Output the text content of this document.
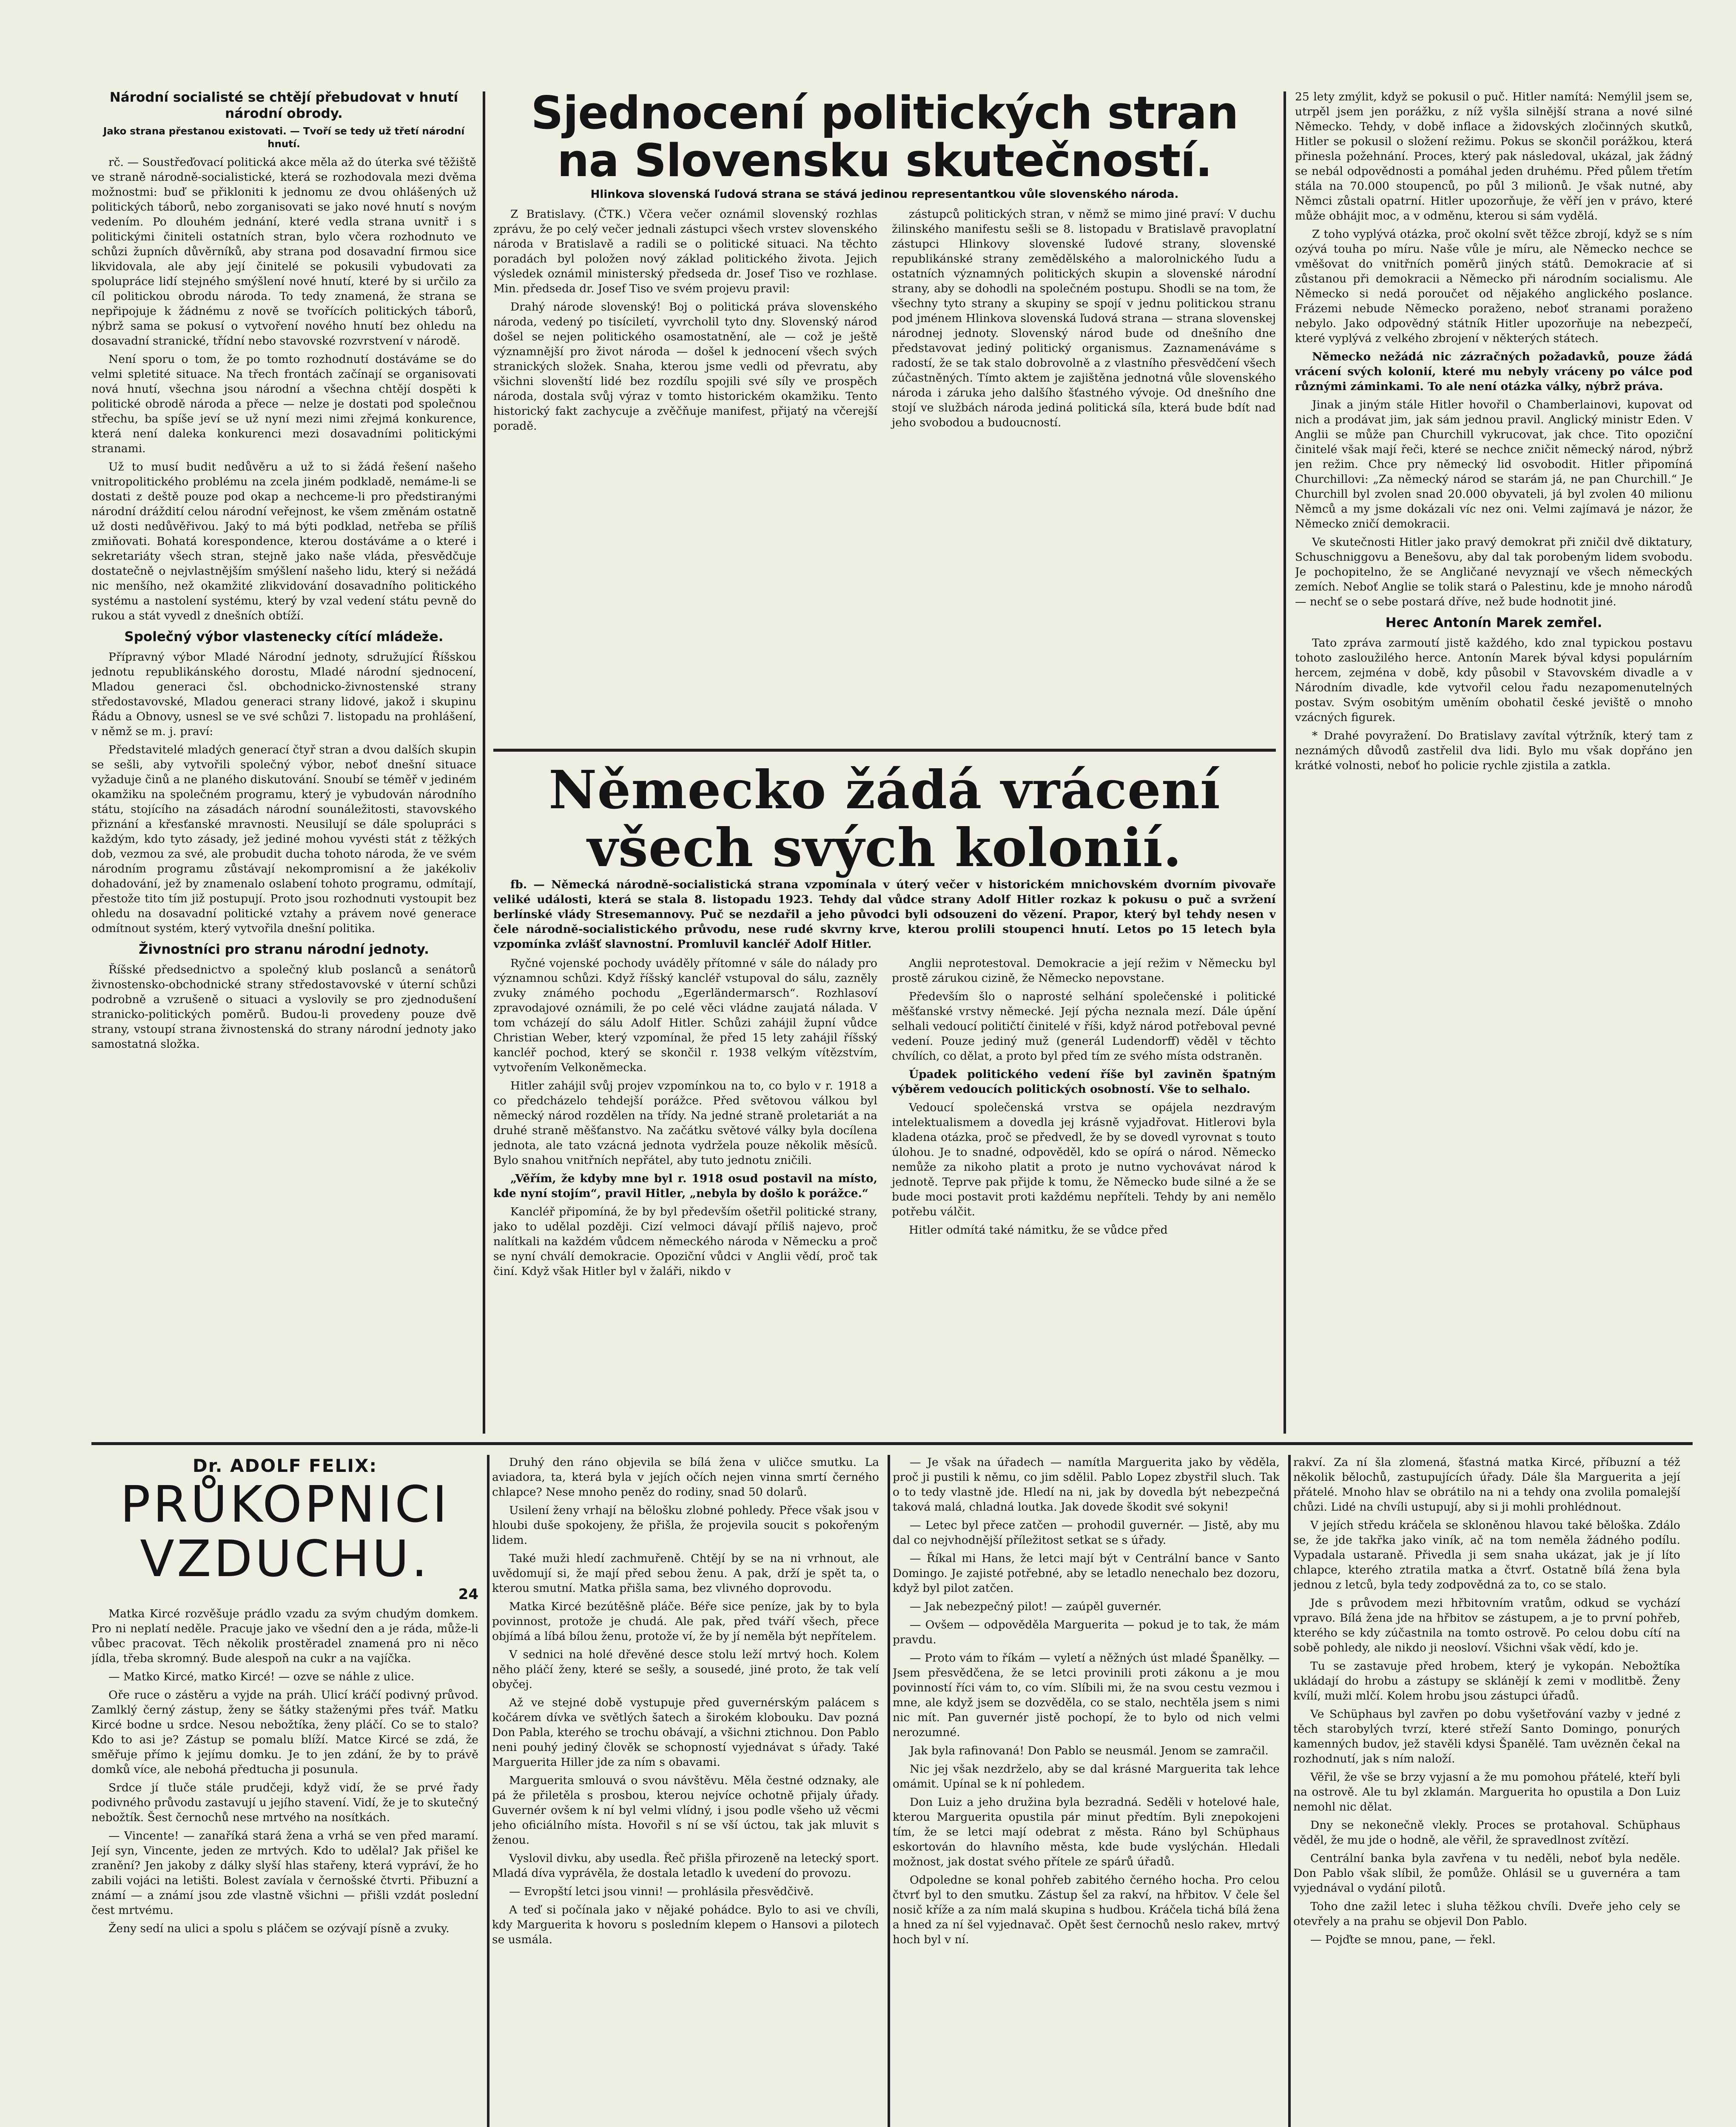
Národní socialisté se chtějí přebudovat v hnutí národní obrody.
Jako strana přestanou existovati. — Tvoří se tedy už třetí národní hnutí.

rč. — Soustřeďovací politická akce měla až do úterka své těžiště ve straně národně-socialistické, která se rozhodovala mezi dvěma možnostmi: buď se přikloniti k jednomu ze dvou ohlášených už politických táborů, nebo zorganisovati se jako nové hnutí s novým vedením. Po dlouhém jednání, které vedla strana uvnitř i s politickými činiteli ostatních stran, bylo včera rozhodnuto ve schůzi župních důvěrníků, aby strana pod dosavadní firmou sice likvidovala, ale aby její činitelé se pokusili vybudovati za spolupráce lidí stejného smýšlení nové hnutí, které by si určilo za cíl politickou obrodu národa. To tedy znamená, že strana se nepřipojuje k žádnému z nově se tvořících politických táborů, nýbrž sama se pokusí o vytvoření nového hnutí bez ohledu na dosavadní stranické, třídní nebo stavovské rozvrstvení v národě.

Není sporu o tom, že po tomto rozhodnutí dostáváme se do velmi spletité situace. Na třech frontách začínají se organisovati nová hnutí, všechna jsou národní a všechna chtějí dospěti k politické obrodě národa a přece — nelze je dostati pod společnou střechu, ba spíše jeví se už nyní mezi nimi zřejmá konkurence, která není daleka konkurenci mezi dosavadními politickými stranami.

Už to musí budit nedůvěru a už to si žádá řešení našeho vnitropolitického problému na zcela jiném podkladě, nemáme-li se dostati z deště pouze pod okap a nechceme-li pro předstiranými národní dráždití celou národní veřejnost, ke všem změnám ostatně už dosti nedůvěřivou. Jaký to má býti podklad, netřeba se příliš zmiňovati. Bohatá korespondence, kterou dostáváme a o které i sekretariáty všech stran, stejně jako naše vláda, přesvědčuje dostatečně o nejvlastnějším smýšlení našeho lidu, který si nežádá nic menšího, než okamžité zlikvidování dosavadního politického systému a nastolení systému, který by vzal vedení státu pevně do rukou a stát vyvedl z dnešních obtíží.

Společný výbor vlastenecky cítící mládeže.

Přípravný výbor Mladé Národní jednoty, sdružující Říšskou jednotu republikánského dorostu, Mladé národní sjednocení, Mladou generaci čsl. obchodnicko-živnostenské strany středostavovské, Mladou generaci strany lidové, jakož i skupinu Řádu a Obnovy, usnesl se ve své schůzi 7. listopadu na prohlášení, v němž se m. j. praví:

Představitelé mladých generací čtyř stran a dvou dalších skupin se sešli, aby vytvořili společný výbor, neboť dnešní situace vyžaduje činů a ne planého diskutování. Snoubí se téměř v jediném okamžiku na společném programu, který je vybudován národního státu, stojícího na zásadách národní sounáležitosti, stavovského přiznání a křesťanské mravnosti. Neusilují se dále spolupráci s každým, kdo tyto zásady, jež jediné mohou vyvésti stát z těžkých dob, vezmou za své, ale probudit ducha tohoto národa, že ve svém národním programu zůstávají nekompromisní a že jakékoliv dohadování, jež by znamenalo oslabení tohoto programu, odmítají, přestože tito tím již postupují. Proto jsou rozhodnuti vystoupit bez ohledu na dosavadní politické vztahy a právem nové generace odmítnout systém, který vytvořila dnešní politika.

Živnostníci pro stranu národní jednoty.

Říšské předsednictvo a společný klub poslanců a senátorů živnostensko-obchodnické strany středostavovské v úterní schůzi podrobně a vzrušeně o situaci a vyslovily se pro zjednodušení stranicko-politických poměrů. Budou-li provedeny pouze dvě strany, vstoupí strana živnostenská do strany národní jednoty jako samostatná složka.

Sjednocení politických stran na Slovensku skutečností.
Hlinkova slovenská ľudová strana se stává jedinou representantkou vůle slovenského národa.

Z Bratislavy. (ČTK.) Včera večer oznámil slovenský rozhlas zprávu, že po celý večer jednali zástupci všech vrstev slovenského národa v Bratislavě a radili se o politické situaci. Na těchto poradách byl položen nový základ politického života. Jejich výsledek oznámil ministerský předseda dr. Josef Tiso ve rozhlase. Min. předseda dr. Josef Tiso ve svém projevu pravil:

Drahý národe slovenský! Boj o politická práva slovenského národa, vedený po tisíciletí, vyvrcholil tyto dny. Slovenský národ došel se nejen politického osamostatnění, ale — což je ještě významnější pro život národa — došel k jednocení všech svých stranických složek. Snaha, kterou jsme vedli od převratu, aby všichni slovenští lidé bez rozdílu spojili své síly ve prospěch národa, dostala svůj výraz v tomto historickém okamžiku. Tento historický fakt zachycuje a zvěčňuje manifest, přijatý na včerejší poradě.

zástupců politických stran, v němž se mimo jiné praví: V duchu žilinského manifestu sešli se 8. listopadu v Bratislavě pravoplatní zástupci Hlinkovy slovenské ľudové strany, slovenské republikánské strany zemědělského a malorolnického ľudu a ostatních významných politických skupin a slovenské národní strany, aby se dohodli na společném postupu. Shodli se na tom, že všechny tyto strany a skupiny se spojí v jednu politickou stranu pod jménem Hlinkova slovenská ľudová strana — strana slovenskej národnej jednoty. Slovenský národ bude od dnešního dne představovat jediný politický organismus. Zaznamenáváme s radostí, že se tak stalo dobrovolně a z vlastního přesvědčení všech zúčastněných. Tímto aktem je zajištěna jednotná vůle slovenského národa i záruka jeho dalšího šťastného vývoje. Od dnešního dne stojí ve službách národa jediná politická síla, která bude bdít nad jeho svobodou a budoucností.

Německo žádá vrácení všech svých kolonií.

fb. — Německá národně-socialistická strana vzpomínala v úterý večer v historickém mnichovském dvorním pivovaře veliké události, která se stala 8. listopadu 1923. Tehdy dal vůdce strany Adolf Hitler rozkaz k pokusu o puč a svržení berlínské vlády Stresemannovy. Puč se nezdařil a jeho původci byli odsouzeni do vězení. Prapor, který byl tehdy nesen v čele národně-socialistického průvodu, nese rudé skvrny krve, kterou prolili stoupenci hnutí. Letos po 15 letech byla vzpomínka zvlášť slavnostní. Promluvil kancléř Adolf Hitler.

Ryčné vojenské pochody uváděly přítomné v sále do nálady pro významnou schůzi. Když říšský kancléř vstupoval do sálu, zazněly zvuky známého pochodu „Egerländermarsch“. Rozhlasoví zpravodajové oznámili, že po celé věci vládne zaujatá nálada. V tom vcházejí do sálu Adolf Hitler. Schůzi zahájil župní vůdce Christian Weber, který vzpomínal, že před 15 lety zahájil říšský kancléř pochod, který se skončil r. 1938 velkým vítězstvím, vytvořením Velkoněmecka.

Hitler zahájil svůj projev vzpomínkou na to, co bylo v r. 1918 a co předcházelo tehdejší porážce. Před světovou válkou byl německý národ rozdělen na třídy. Na jedné straně proletariát a na druhé straně měšťanstvo. Na začátku světové války byla docílena jednota, ale tato vzácná jednota vydržela pouze několik měsíců. Bylo snahou vnitřních nepřátel, aby tuto jednotu zničili.

„Věřím, že kdyby mne byl r. 1918 osud postavil na místo, kde nyní stojím“, pravil Hitler, „nebyla by došlo k porážce.“

Kancléř připomíná, že by byl především ošetřil politické strany, jako to udělal později. Cizí velmoci dávají příliš najevo, proč nalítkali na každém vůdcem německého národa v Německu a proč se nyní chválí demokracie. Opoziční vůdci v Anglii vědí, proč tak činí. Když však Hitler byl v žaláři, nikdo v

Anglii neprotestoval. Demokracie a její režim v Německu byl prostě zárukou cizině, že Německo nepovstane.

Především šlo o naprosté selhání společenské i politické měšťanské vrstvy německé. Její pýcha neznala mezí. Dále úpění selhali vedoucí političtí činitelé v říši, když národ potřeboval pevné vedení. Pouze jediný muž (generál Ludendorff) věděl v těchto chvílích, co dělat, a proto byl před tím ze svého místa odstraněn.

Úpadek politického vedení říše byl zaviněn špatným výběrem vedoucích politických osobností. Vše to selhalo.

Vedoucí společenská vrstva se opájela nezdravým intelektualismem a dovedla jej krásně vyjadřovat. Hitlerovi byla kladena otázka, proč se předvedl, že by se dovedl vyrovnat s touto úlohou. Je to snadné, odpověděl, kdo se opírá o národ. Německo nemůže za nikoho platit a proto je nutno vychovávat národ k jednotě. Teprve pak přijde k tomu, že Německo bude silné a že se bude moci postavit proti každému nepříteli. Tehdy by ani nemělo potřebu válčit.

Hitler odmítá také námitku, že se vůdce před

25 lety zmýlit, když se pokusil o puč. Hitler namítá: Nemýlil jsem se, utrpěl jsem jen porážku, z níž vyšla silnější strana a nové silné Německo. Tehdy, v době inflace a židovských zločinných skutků, Hitler se pokusil o složení režimu. Pokus se skončil porážkou, která přinesla požehnání. Proces, který pak následoval, ukázal, jak žádný se nebál odpovědnosti a pomáhal jeden druhému. Před půlem třetím stála na 70.000 stoupenců, po půl 3 milionů. Je však nutné, aby Němci zůstali opatrní. Hitler upozorňuje, že věří jen v právo, které může obhájit moc, a v odměnu, kterou si sám vydělá.

Z toho vyplývá otázka, proč okolní svět těžce zbrojí, když se s ním ozývá touha po míru. Naše vůle je míru, ale Německo nechce se vměšovat do vnitřních poměrů jiných států. Demokracie ať si zůstanou při demokracii a Německo při národním socialismu. Ale Německo si nedá poroučet od nějakého anglického poslance. Frázemi nebude Německo poraženo, neboť stranami poraženo nebylo. Jako odpovědný státník Hitler upozorňuje na nebezpečí, které vyplývá z velkého zbrojení v některých státech.

Německo nežádá nic zázračných požadavků, pouze žádá vrácení svých kolonií, které mu nebyly vráceny po válce pod různými záminkami. To ale není otázka války, nýbrž práva.

Jinak a jiným stále Hitler hovořil o Chamberlainovi, kupovat od nich a prodávat jim, jak sám jednou pravil. Anglický ministr Eden. V Anglii se může pan Churchill vykrucovat, jak chce. Tito opoziční činitelé však mají řeči, které se nechce zničit německý národ, nýbrž jen režim. Chce pry německý lid osvobodit. Hitler připomíná Churchillovi: „Za německý národ se starám já, ne pan Churchill.“ Je Churchill byl zvolen snad 20.000 obyvateli, já byl zvolen 40 milionu Němců a my jsme dokázali víc nez oni. Velmi zajímavá je názor, že Německo zničí demokracii.

Ve skutečnosti Hitler jako pravý demokrat při zničil dvě diktatury, Schuschniggovu a Benešovu, aby dal tak porobeným lidem svobodu. Je pochopitelno, že se Angličané nevyznají ve všech německých zemích. Neboť Anglie se tolik stará o Palestinu, kde je mnoho národů — nechť se o sebe postará dříve, než bude hodnotit jiné.

Herec Antonín Marek zemřel.

Tato zpráva zarmoutí jistě každého, kdo znal typickou postavu tohoto zasloužilého herce. Antonín Marek býval kdysi populárním hercem, zejména v době, kdy působil v Stavovském divadle a v Národním divadle, kde vytvořil celou řadu nezapomenutelných postav. Svým osobitým uměním obohatil české jeviště o mnoho vzácných figurek.

* Drahé povyražení. Do Bratislavy zavítal výtržník, který tam z neznámých důvodů zastřelil dva lidi. Bylo mu však dopřáno jen krátké volnosti, neboť ho policie rychle zjistila a zatkla.

Dr. ADOLF FELIX:
PRŮKOPNICI
VZDUCHU.
24

Matka Kircé rozvěšuje prádlo vzadu za svým chudým domkem. Pro ni neplatí neděle. Pracuje jako ve všední den a je ráda, může-li vůbec pracovat. Těch několik prostěradel znamená pro ni něco jídla, třeba skromný. Bude alespoň na cukr a na vajíčka.

— Matko Kircé, matko Kircé! — ozve se náhle z ulice.

Oře ruce o zástěru a vyjde na práh. Ulicí kráčí podivný průvod. Zamlklý černý zástup, ženy se šátky staženými přes tvář. Matku Kircé bodne u srdce. Nesou nebožtíka, ženy pláčí. Co se to stalo? Kdo to asi je? Zástup se pomalu blíží. Matce Kircé se zdá, že směřuje přímo k jejímu domku. Je to jen zdání, že by to právě domků více, ale nebohá předtucha ji posunula.

Srdce jí tluče stále prudčeji, když vidí, že se prvé řady podivného průvodu zastavují u jejího stavení. Vidí, že je to skutečný nebožtík. Šest černochů nese mrtvého na nosítkách.

— Vincente! — zanaříká stará žena a vrhá se ven před maramí. Její syn, Vincente, jeden ze mrtvých. Kdo to udělal? Jak přišel ke zranění? Jen jakoby z dálky slyší hlas stařeny, která vypráví, že ho zabili vojáci na letišti. Bolest zavíala v černošské čtvrti. Přibuzní a známí — a známí jsou zde vlastně všichni — přišli vzdát poslední čest mrtvému.

Ženy sedí na ulici a spolu s pláčem se ozývají písně a zvuky.

Druhý den ráno objevila se bílá žena v uličce smutku. La aviadora, ta, která byla v jejích očích nejen vinna smrtí černého chlapce? Nese mnoho peněz do rodiny, snad 50 dolarů.

Usilení ženy vrhají na bělošku zlobné pohledy. Přece však jsou v hloubi duše spokojeny, že přišla, že projevila soucit s pokořeným lidem.

Také muži hledí zachmuřeně. Chtějí by se na ni vrhnout, ale uvědomují si, že mají před sebou ženu. A pak, drží je spět ta, o kterou smutní. Matka přišla sama, bez vlivného doprovodu.

Matka Kircé bezútěšně pláče. Béře sice peníze, jak by to byla povinnost, protože je chudá. Ale pak, před tváří všech, přece objímá a líbá bílou ženu, protože ví, že by jí neměla být nepřítelem.

V sednici na holé dřevěné desce stolu leží mrtvý hoch. Kolem něho pláčí ženy, které se sešly, a sousedé, jiné proto, že tak velí obyčej.

Až ve stejné době vystupuje před guvernérským palácem s kočárem dívka ve světlých šatech a širokém klobouku. Dav pozná Don Pabla, kterého se trochu obávají, a všichni ztichnou. Don Pablo neni pouhý jediný člověk se schopností vyjednávat s úřady. Také Marguerita Hiller jde za ním s obavami.

Marguerita smlouvá o svou návštěvu. Měla čestné odznaky, ale pá že přiletěla s prosbou, kterou nejvíce ochotně přijaly úřady. Guvernér ovšem k ní byl velmi vlídný, i jsou podle všeho už věcmi jeho oficiálního místa. Hovořil s ní se vší úctou, tak jak mluvit s ženou.

Vyslovil divku, aby usedla. Řeč přišla přirozeně na letecký sport. Mladá díva vyprávěla, že dostala letadlo k uvedení do provozu.

— Evropští letci jsou vinni! — prohlásila přesvědčivě.

A teď si počínala jako v nějaké pohádce. Bylo to asi ve chvíli, kdy Marguerita k hovoru s posledním klepem o Hansovi a pilotech se usmála.

— Je však na úřadech — namítla Marguerita jako by věděla, proč ji pustili k němu, co jim sdělil. Pablo Lopez zbystřil sluch. Tak o to tedy vlastně jde. Hledí na ni, jak by dovedla být nebezpečná taková malá, chladná loutka. Jak dovede škodit své sokyni!

— Letec byl přece zatčen — prohodil guvernér. — Jistě, aby mu dal co nejvhodnější příležitost setkat se s úřady.

— Říkal mi Hans, že letci mají být v Centrální bance v Santo Domingo. Je zajisté potřebné, aby se letadlo nenechalo bez dozoru, když byl pilot zatčen.

— Jak nebezpečný pilot! — zaúpěl guvernér.

— Ovšem — odpověděla Marguerita — pokud je to tak, že mám pravdu.

— Proto vám to říkám — vyletí a něžných úst mladé Španělky. — Jsem přesvědčena, že se letci provinili proti zákonu a je mou povinností říci vám to, co vím. Slíbili mi, že na svou cestu vezmou i mne, ale když jsem se dozvěděla, co se stalo, nechtěla jsem s nimi nic mít. Pan guvernér jistě pochopí, že to bylo od nich velmi nerozumné.

Jak byla rafinovaná! Don Pablo se neusmál. Jenom se zamračil.

Nic jej však nezdrželo, aby se dal krásné Marguerita tak lehce omámit. Upínal se k ní pohledem.

Don Luiz a jeho družina byla bezradná. Seděli v hotelové hale, kterou Marguerita opustila pár minut předtím. Byli znepokojeni tím, že se letci mají odebrat z města. Ráno byl Schüphaus eskortován do hlavního města, kde bude vyslýchán. Hledali možnost, jak dostat svého přítele ze spárů úřadů.

Odpoledne se konal pohřeb zabitého černého hocha. Pro celou čtvrť byl to den smutku. Zástup šel za rakví, na hřbitov. V čele šel nosič kříže a za ním malá skupina s hudbou. Kráčela tichá bílá žena a hned za ní šel vyjednavač. Opět šest černochů neslo rakev, mrtvý hoch byl v ní.

rakví. Za ní šla zlomená, šťastná matka Kircé, příbuzní a též několik bělochů, zastupujících úřady. Dále šla Marguerita a její přátelé. Mnoho hlav se obrátilo na ni a tehdy ona zvolila pomalejší chůzi. Lidé na chvíli ustupují, aby si ji mohli prohlédnout.

V jejích středu kráčela se skloněnou hlavou také běloška. Zdálo se, že jde takřka jako viník, ač na tom neměla žádného podílu. Vypadala ustaraně. Přivedla ji sem snaha ukázat, jak je jí líto chlapce, kterého ztratila matka a čtvrť. Ostatně bílá žena byla jednou z letců, byla tedy zodpovědná za to, co se stalo.

Jde s průvodem mezi hřbitovním vratům, odkud se vychází vpravo. Bílá žena jde na hřbitov se zástupem, a je to první pohřeb, kterého se kdy zúčastnila na tomto ostrově. Po celou dobu cítí na sobě pohledy, ale nikdo ji neosloví. Všichni však vědí, kdo je.

Tu se zastavuje před hrobem, který je vykopán. Nebožtíka ukládají do hrobu a zástupy se sklánějí k zemi v modlitbě. Ženy kvílí, muži mlčí. Kolem hrobu jsou zástupci úřadů.

Ve Schüphaus byl zavřen po dobu vyšetřování vazby v jedné z těch starobylých tvrzí, které střeží Santo Domingo, ponurých kamenných budov, jež stavěli kdysi Španělé. Tam uvězněn čekal na rozhodnutí, jak s ním naloží.

Věřil, že vše se brzy vyjasní a že mu pomohou přátelé, kteří byli na ostrově. Ale tu byl zklamán. Marguerita ho opustila a Don Luiz nemohl nic dělat.

Dny se nekonečně vlekly. Proces se protahoval. Schüphaus věděl, že mu jde o hodně, ale věřil, že spravedlnost zvítězí.

Centrální banka byla zavřena v tu neděli, neboť byla neděle. Don Pablo však slíbil, že pomůže. Ohlásil se u guvernéra a tam vyjednával o vydání pilotů.

Toho dne zažil letec i sluha těžkou chvíli. Dveře jeho cely se otevřely a na prahu se objevil Don Pablo.

— Pojďte se mnou, pane, — řekl.
